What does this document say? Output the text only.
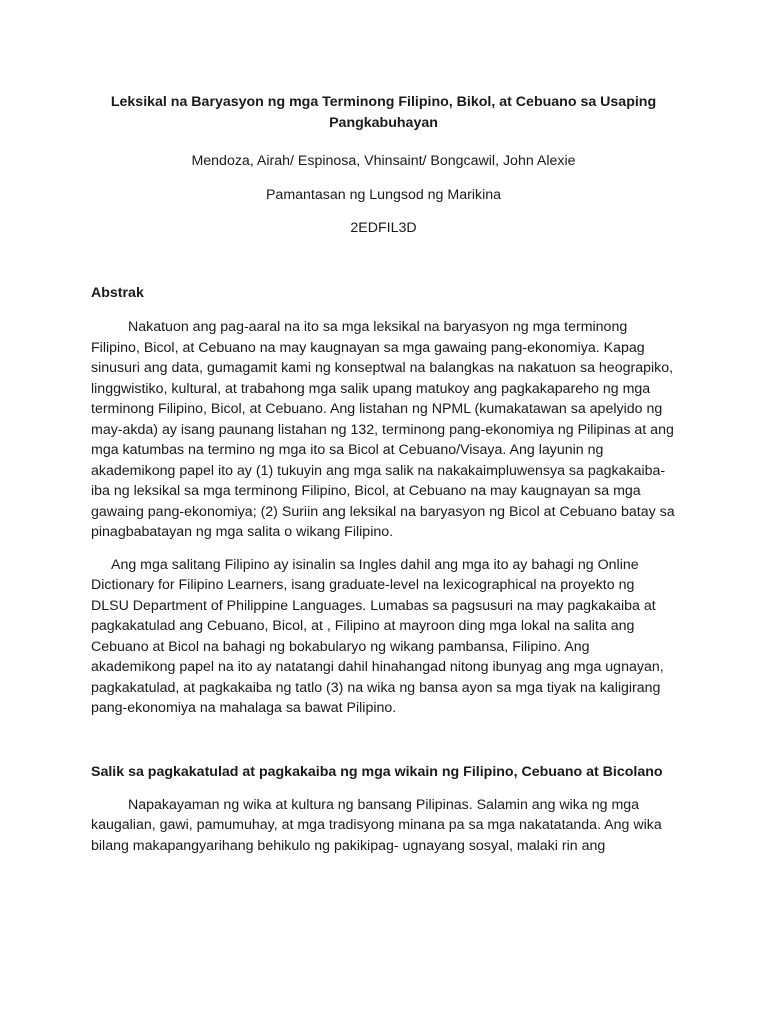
Leksikal na Baryasyon ng mga Terminong Filipino, Bikol, at Cebuano sa Usaping Pangkabuhayan
Mendoza, Airah/ Espinosa, Vhinsaint/ Bongcawil, John Alexie
Pamantasan ng Lungsod ng Marikina
2EDFIL3D
Abstrak

Nakatuon ang pag-aaral na ito sa mga leksikal na baryasyon ng mga terminong Filipino, Bicol, at Cebuano na may kaugnayan sa mga gawaing pang-ekonomiya. Kapag sinusuri ang data, gumagamit kami ng konseptwal na balangkas na nakatuon sa heograpiko, linggwistiko, kultural, at trabahong mga salik upang matukoy ang pagkakapareho ng mga terminong Filipino, Bicol, at Cebuano. Ang listahan ng NPML (kumakatawan sa apelyido ng may-akda) ay isang paunang listahan ng 132, terminong pang-ekonomiya ng Pilipinas at ang mga katumbas na termino ng mga ito sa Bicol at Cebuano/Visaya. Ang layunin ng akademikong papel ito ay (1) tukuyin ang mga salik na nakakaimpluwensya sa pagkakaiba-iba ng leksikal sa mga terminong Filipino, Bicol, at Cebuano na may kaugnayan sa mga gawaing pang-ekonomiya; (2) Suriin ang leksikal na baryasyon ng Bicol at Cebuano batay sa pinagbabatayan ng mga salita o wikang Filipino.

Ang mga salitang Filipino ay isinalin sa Ingles dahil ang mga ito ay bahagi ng Online Dictionary for Filipino Learners, isang graduate-level na lexicographical na proyekto ng DLSU Department of Philippine Languages. Lumabas sa pagsusuri na may pagkakaiba at pagkakatulad ang Cebuano, Bicol, at , Filipino at mayroon ding mga lokal na salita ang Cebuano at Bicol na bahagi ng bokabularyo ng wikang pambansa, Filipino. Ang akademikong papel na ito ay natatangi dahil hinahangad nitong ibunyag ang mga ugnayan, pagkakatulad, at pagkakaiba ng tatlo (3) na wika ng bansa ayon sa mga tiyak na kaligirang pang-ekonomiya na mahalaga sa bawat Pilipino.

Salik sa pagkakatulad at pagkakaiba ng mga wikain ng Filipino, Cebuano at Bicolano

Napakayaman ng wika at kultura ng bansang Pilipinas. Salamin ang wika ng mga kaugalian, gawi, pamumuhay, at mga tradisyong minana pa sa mga nakatatanda. Ang wika bilang makapangyarihang behikulo ng pakikipag- ugnayang sosyal, malaki rin ang
